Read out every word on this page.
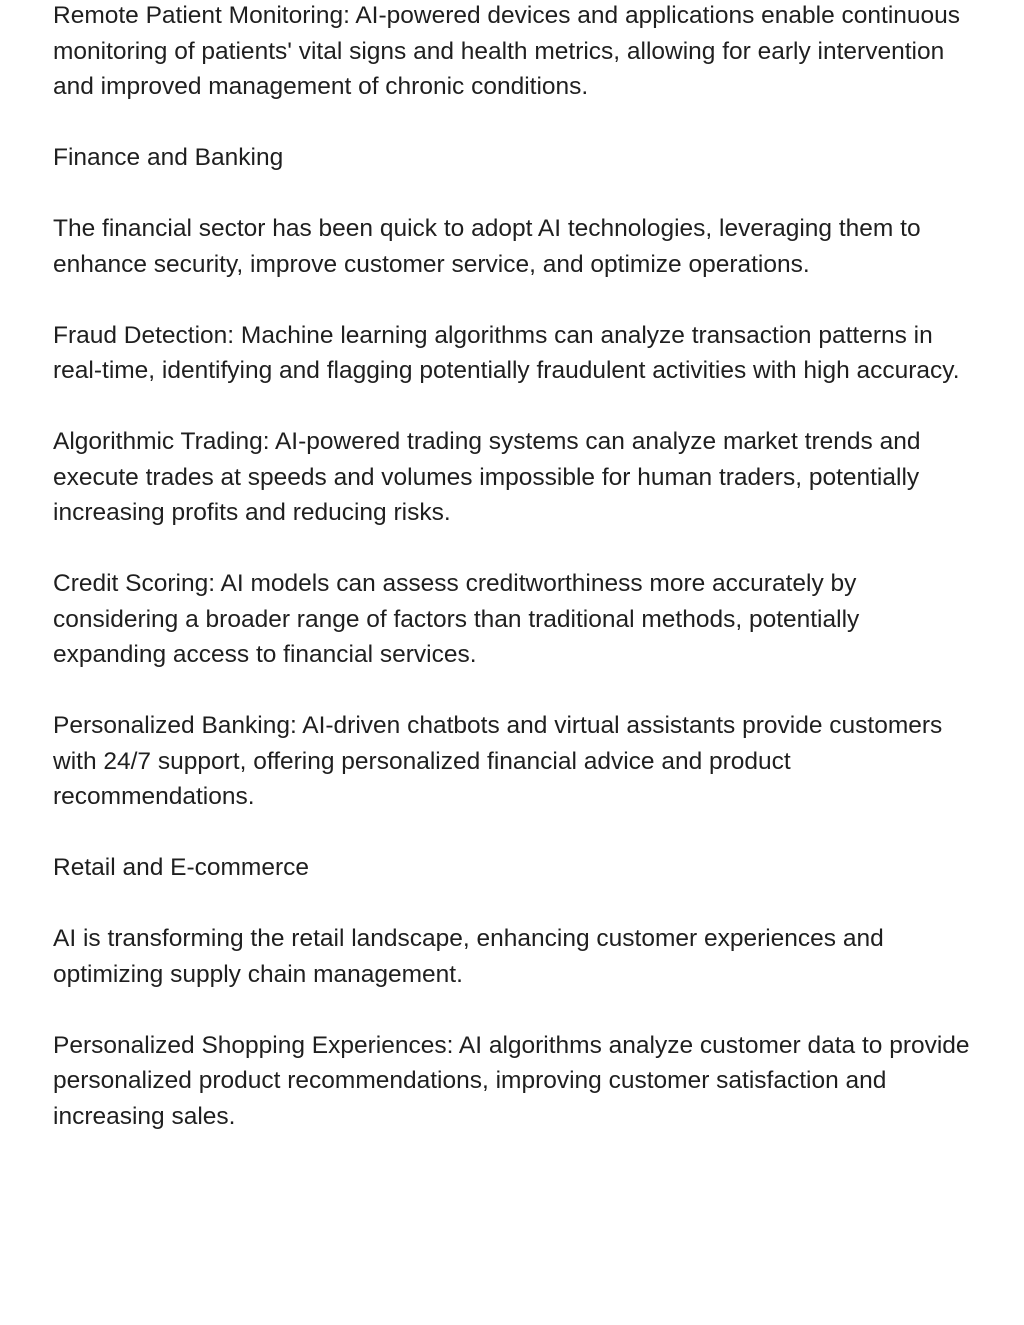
Remote Patient Monitoring: AI-powered devices and applications enable continuous monitoring of patients' vital signs and health metrics, allowing for early intervention and improved management of chronic conditions.

Finance and Banking

The financial sector has been quick to adopt AI technologies, leveraging them to enhance security, improve customer service, and optimize operations.

Fraud Detection: Machine learning algorithms can analyze transaction patterns in real-time, identifying and flagging potentially fraudulent activities with high accuracy.

Algorithmic Trading: AI-powered trading systems can analyze market trends and execute trades at speeds and volumes impossible for human traders, potentially increasing profits and reducing risks.

Credit Scoring: AI models can assess creditworthiness more accurately by considering a broader range of factors than traditional methods, potentially expanding access to financial services.

Personalized Banking: AI-driven chatbots and virtual assistants provide customers with 24/7 support, offering personalized financial advice and product recommendations.

Retail and E-commerce

AI is transforming the retail landscape, enhancing customer experiences and optimizing supply chain management.

Personalized Shopping Experiences: AI algorithms analyze customer data to provide personalized product recommendations, improving customer satisfaction and increasing sales.
